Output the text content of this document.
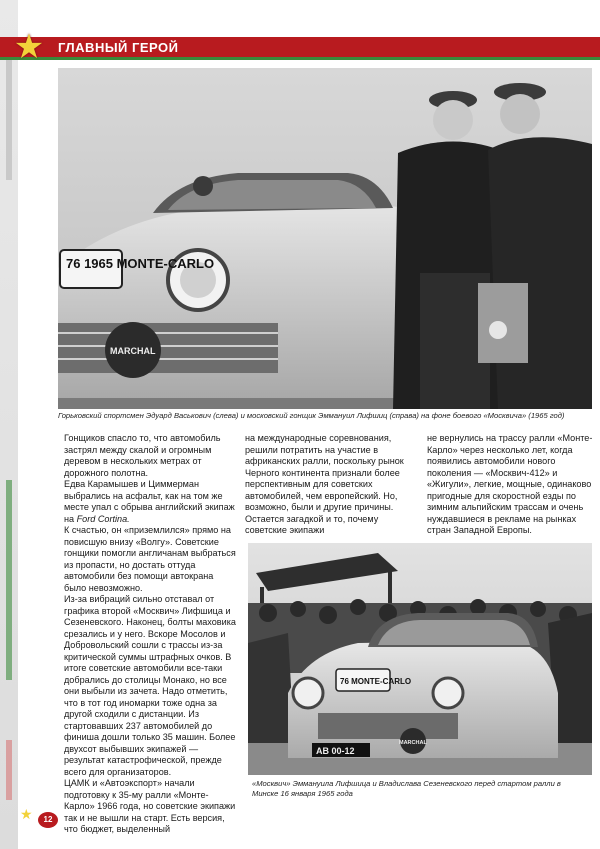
★ ГЛАВНЫЙ ГЕРОЙ
76 1965 MONTE-CARLO
MARCHAL
Горьковский спортсмен Эдуард Васькович (слева) и московский гонщик Эммануил Лифшиц (справа) на фоне боевого «Москвича» (1965 год)

Гонщиков спасло то, что автомобиль застрял между скалой и огромным деревом в нескольких метрах от дорожного полотна.

Едва Карамышев и Циммерман выбрались на асфальт, как на том же месте упал с обрыва английский экипаж на Ford Cortina.

К счастью, он «приземлился» прямо на повисшую внизу «Волгу». Советские гонщики помогли англичанам выбраться из пропасти, но достать оттуда автомобили без помощи автокрана было невозможно.

Из-за вибраций сильно отставал от графика второй «Москвич» Лифшица и Сезеневского. Наконец, болты маховика срезались и у него. Вскоре Мосолов и Добровольский сошли с трассы из-за критической суммы штрафных очков. В итоге советские автомобили все-таки добрались до столицы Монако, но все они выбыли из зачета. Надо отметить, что в тот год иномарки тоже одна за другой сходили с дистанции. Из стартовавших 237 автомобилей до финиша дошли только 35 машин. Более двухсот выбывших экипажей — результат катастрофической, прежде всего для организаторов.

ЦАМК и «Автоэкспорт» начали подготовку к 35-му ралли «Монте-Карло» 1966 года, но советские экипажи так и не вышли на старт. Есть версия, что бюджет, выделенный

на международные соревнования, решили потратить на участие в африканских ралли, поскольку рынок Черного континента признали более перспективным для советских автомобилей, чем европейский. Но, возможно, были и другие причины. Остается загадкой и то, почему советские экипажи

не вернулись на трассу ралли «Монте-Карло» через несколько лет, когда появились автомобили нового поколения — «Москвич-412» и «Жигули», легкие, мощные, одинаково пригодные для скоростной езды по зимним альпийским трассам и очень нуждавшиеся в рекламе на рынках стран Западной Европы.

76 MONTE-CARLO
АВ 00-12
MARCHAL
«Москвич» Эммануила Лифшица и Владислава Сезеневского перед стартом ралли в Минске 16 января 1965 года
★	12
